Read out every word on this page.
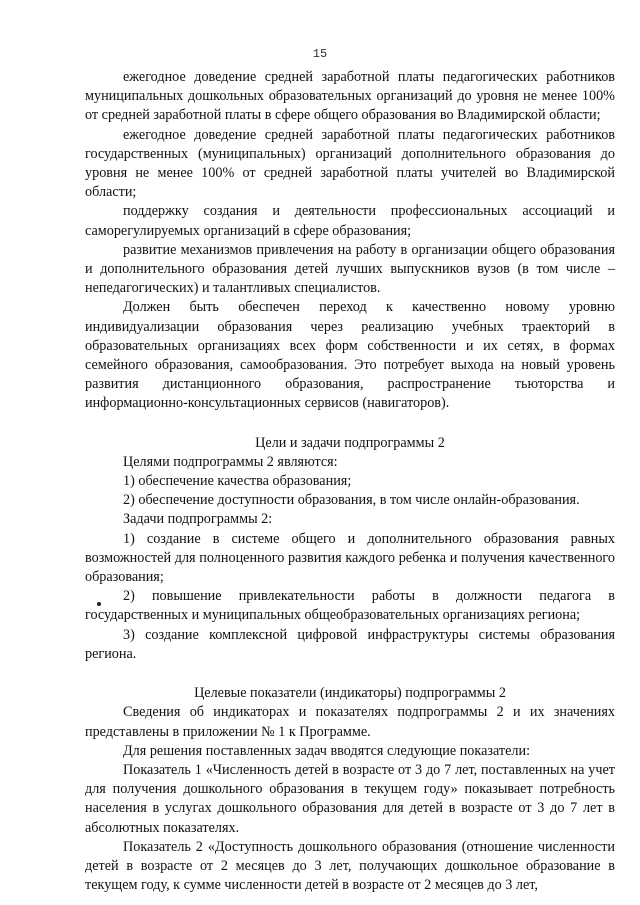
15

ежегодное доведение средней заработной платы педагогических работников муниципальных дошкольных образовательных организаций до уровня не менее 100% от средней заработной платы в сфере общего образования во Владимирской области;

ежегодное доведение средней заработной платы педагогических работников государственных (муниципальных) организаций дополнительного образования до уровня не менее 100% от средней заработной платы учителей во Владимирской области;

поддержку создания и деятельности профессиональных ассоциаций и саморегулируемых организаций в сфере образования;

развитие механизмов привлечения на работу в организации общего образования и дополнительного образования детей лучших выпускников вузов (в том числе – непедагогических) и талантливых специалистов.

Должен быть обеспечен переход к качественно новому уровню индивидуализации образования через реализацию учебных траекторий в образовательных организациях всех форм собственности и их сетях, в формах семейного образования, самообразования. Это потребует выхода на новый уровень развития дистанционного образования, распространение тьюторства и информационно-консультационных сервисов (навигаторов).

Цели и задачи подпрограммы 2

Целями подпрограммы 2 являются:

1) обеспечение качества образования;

2) обеспечение доступности образования, в том числе онлайн-образования.

Задачи подпрограммы 2:

1) создание в системе общего и дополнительного образования равных возможностей для полноценного развития каждого ребенка и получения качественного образования;

2) повышение привлекательности работы в должности педагога в государственных и муниципальных общеобразовательных организациях региона;

3) создание комплексной цифровой инфраструктуры системы образования региона.

Целевые показатели (индикаторы) подпрограммы 2

Сведения об индикаторах и показателях подпрограммы 2 и их значениях представлены в приложении № 1 к Программе.

Для решения поставленных задач вводятся следующие показатели:

Показатель 1 «Численность детей в возрасте от 3 до 7 лет, поставленных на учет для получения дошкольного образования в текущем году» показывает потребность населения в услугах дошкольного образования для детей в возрасте от 3 до 7 лет в абсолютных показателях.

Показатель 2 «Доступность дошкольного образования (отношение численности детей в возрасте от 2 месяцев до 3 лет, получающих дошкольное образование в текущем году, к сумме численности детей в возрасте от 2 месяцев до 3 лет,
